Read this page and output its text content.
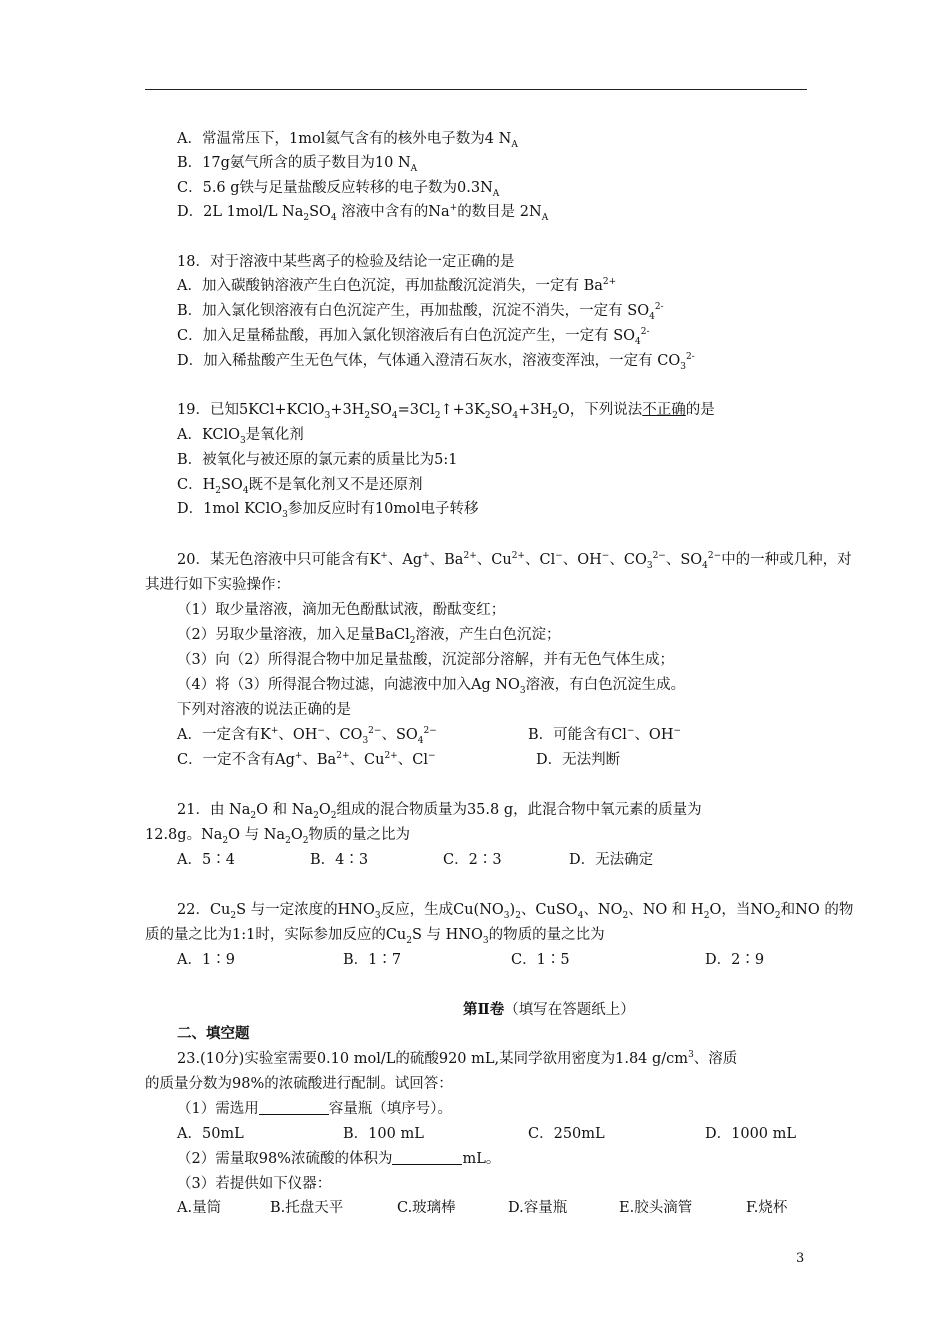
A．常温常压下，1mol氦气含有的核外电子数为4 $N_A$
B．17g氨气所含的质子数目为10 $N_A$
C．5.6 g铁与足量盐酸反应转移的电子数为$0.3N_A$
D．2L 1mol/L $Na_2SO_4$ 溶液中含有的Na+的数目是 $2N_A$
18．对于溶液中某些离子的检验及结论一定正确的是
A．加入碳酸钠溶液产生白色沉淀，再加盐酸沉淀消失，一定有 $Ba^{2+}$
B．加入氯化钡溶液有白色沉淀产生，再加盐酸，沉淀不消失，一定有 $SO_4^{2-}$
C．加入足量稀盐酸，再加入氯化钡溶液后有白色沉淀产生，一定有 $SO_4^{2-}$
D．加入稀盐酸产生无色气体，气体通入澄清石灰水，溶液变浑浊，一定有 $CO_3^{2-}$
19．已知$5KCl+KClO_3+3H_2SO_4=3Cl_2↑+3K_2SO_4+3H_2O$，下列说法不正确的是
A．KClO$_3$是氧化剂
B．被氧化与被还原的氯元素的质量比为5:1
C．$H_2SO_4$既不是氧化剂又不是还原剂
D．1mol KClO$_3$参加反应时有10mol电子转移
20．某无色溶液中只可能含有K+、Ag+、$Ba^{2+}$、$Cu^{2+}$、Cl−、OH−、$CO_3^{2-}$、$SO_4^{2-}$中的一种或几种，对
其进行如下实验操作：
（1）取少量溶液，滴加无色酚酞试液，酚酞变红；
（2）另取少量溶液，加入足量BaCl$_2$溶液，产生白色沉淀；
（3）向（2）所得混合物中加足量盐酸，沉淀部分溶解，并有无色气体生成；
（4）将（3）所得混合物过滤，向滤液中加入Ag $NO_3$溶液，有白色沉淀生成。
下列对溶液的说法正确的是
A．一定含有K+、OH−、$CO_3^{2-}$、$SO_4^{2-}$	B．可能含有Cl−、OH−
C．一定不含有Ag+、$Ba^{2+}$、$Cu^{2+}$、Cl−	D．无法判断
21．由 $Na_2O$ 和 $Na_2O_2$组成的混合物质量为35.8 g，此混合物中氧元素的质量为
12.8g。$Na_2O$ 与 $Na_2O_2$物质的量之比为
A．5∶4	B．4∶3	C．2∶3	D．无法确定
22．$Cu_2S$ 与一定浓度的$HNO_3$反应，生成$Cu(NO_3)_2$、CuSO$_4$、$NO_2$、NO 和 $H_2O$，当$NO_2$和NO 的物
质的量之比为1:1时，实际参加反应的$Cu_2S$ 与 $HNO_3$的物质的量之比为
A．1∶9	B．1∶7	C．1∶5	D．2∶9
第Ⅱ卷（填写在答题纸上）
二、填空题
23.(10分)实验室需要0.10 mol/L的硫酸920 mL,某同学欲用密度为1.84 $g/cm^3$、溶质
的质量分数为98%的浓硫酸进行配制。试回答：
（1）需选用	容量瓶（填序号）。
A．50mL	B．100 mL	C．250mL	D．1000 mL
（2）需量取98%浓硫酸的体积为	mL。
（3）若提供如下仪器：
A.量筒	B.托盘天平	C.玻璃棒	D.容量瓶	E.胶头滴管	F.烧杯
3
